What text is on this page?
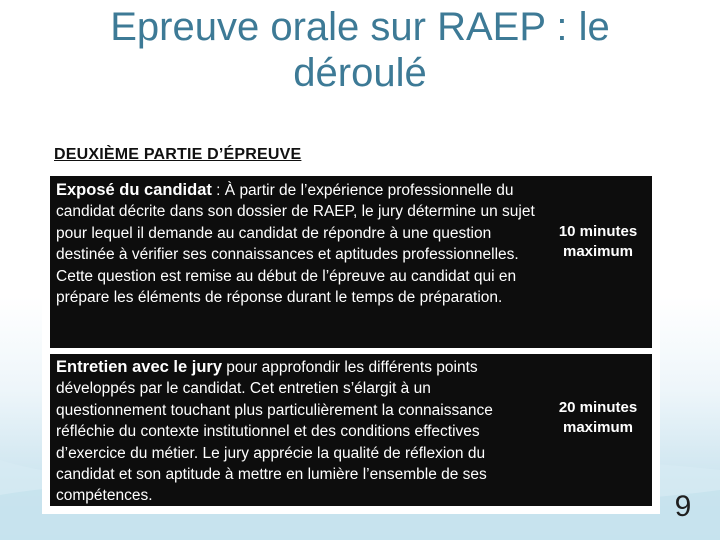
Epreuve orale sur RAEP : le déroulé
DEUXIÈME PARTIE D’ÉPREUVE
Exposé du candidat : À partir de l’expérience professionnelle du candidat décrite dans son dossier de RAEP, le jury détermine un sujet pour lequel il demande au candidat de répondre à une question destinée à vérifier ses connaissances et aptitudes professionnelles. Cette question est remise au début de l’épreuve au candidat qui en prépare les éléments de réponse durant le temps de préparation.
10 minutes maximum
Entretien avec le jury pour approfondir les différents points développés par le candidat. Cet entretien s’élargit à un questionnement touchant plus particulièrement la connaissance réfléchie du contexte institutionnel et des conditions effectives d’exercice du métier. Le jury apprécie la qualité de réflexion du candidat et son aptitude à mettre en lumière l’ensemble de ses compétences.
20 minutes maximum
9
